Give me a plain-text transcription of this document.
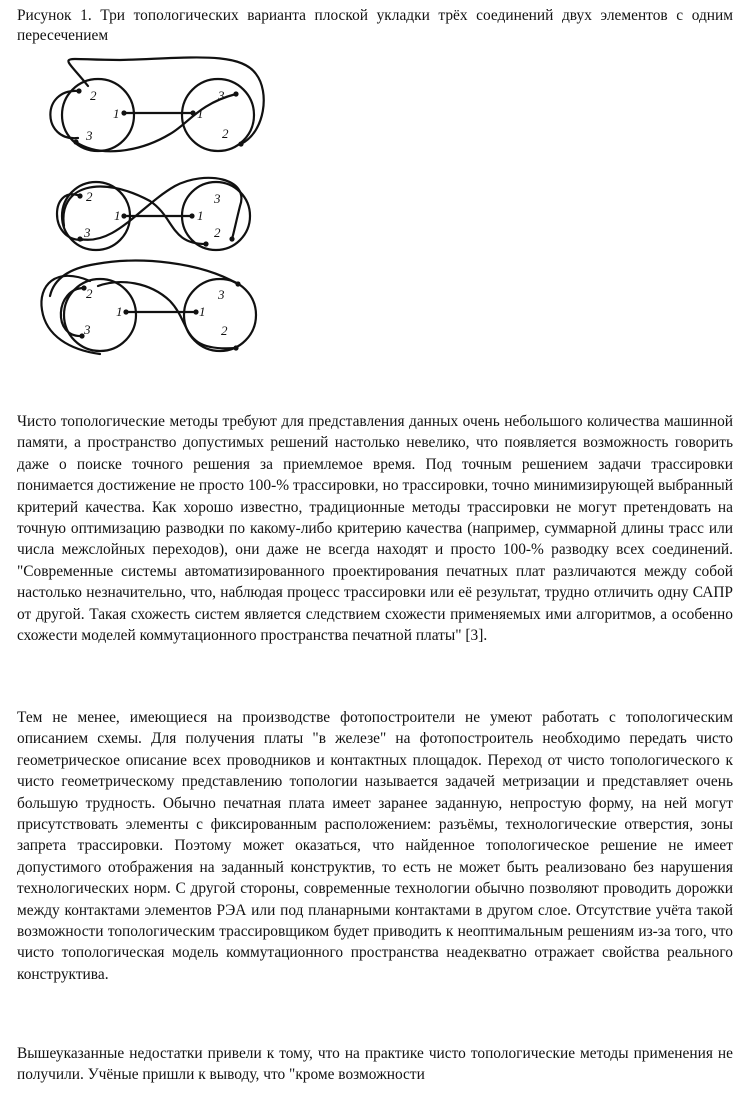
Рисунок 1. Три топологических варианта плоской укладки трёх соединений двух элементов с одним пересечением
2
1
3
3
1
2
2
1
3
3
1
2
2
1
3
3
1
2

Чисто топологические методы требуют для представления данных очень небольшого количества машинной памяти, а пространство допустимых решений настолько невелико, что появляется возможность говорить даже о поиске точного решения за приемлемое время. Под точным решением задачи трассировки понимается достижение не просто 100-% трассировки, но трассировки, точно минимизирующей выбранный критерий качества. Как хорошо известно, традиционные методы трассировки не могут претендовать на точную оптимизацию разводки по какому-либо критерию качества (например, суммарной длины трасс или числа межслойных переходов), они даже не всегда находят и просто 100-% разводку всех соединений. "Современные системы автоматизированного проектирования печатных плат различаются между собой настолько незначительно, что, наблюдая процесс трассировки или её результат, трудно отличить одну САПР от другой. Такая схожесть систем является следствием схожести применяемых ими алгоритмов, а особенно схожести моделей коммутационного пространства печатной платы" [3].

Тем не менее, имеющиеся на производстве фотопостроители не умеют работать с топологическим описанием схемы. Для получения платы "в железе" на фотопостроитель необходимо передать чисто геометрическое описание всех проводников и контактных площадок. Переход от чисто топологического к чисто геометрическому представлению топологии называется задачей метризации и представляет очень большую трудность. Обычно печатная плата имеет заранее заданную, непростую форму, на ней могут присутствовать элементы с фиксированным расположением: разъёмы, технологические отверстия, зоны запрета трассировки. Поэтому может оказаться, что найденное топологическое решение не имеет допустимого отображения на заданный конструктив, то есть не может быть реализовано без нарушения технологических норм. С другой стороны, современные технологии обычно позволяют проводить дорожки между контактами элементов РЭА или под планарными контактами в другом слое. Отсутствие учёта такой возможности топологическим трассировщиком будет приводить к неоптимальным решениям из-за того, что чисто топологическая модель коммутационного пространства неадекватно отражает свойства реального конструктива.

Вышеуказанные недостатки привели к тому, что на практике чисто топологические методы применения не получили. Учёные пришли к выводу, что "кроме возможности
